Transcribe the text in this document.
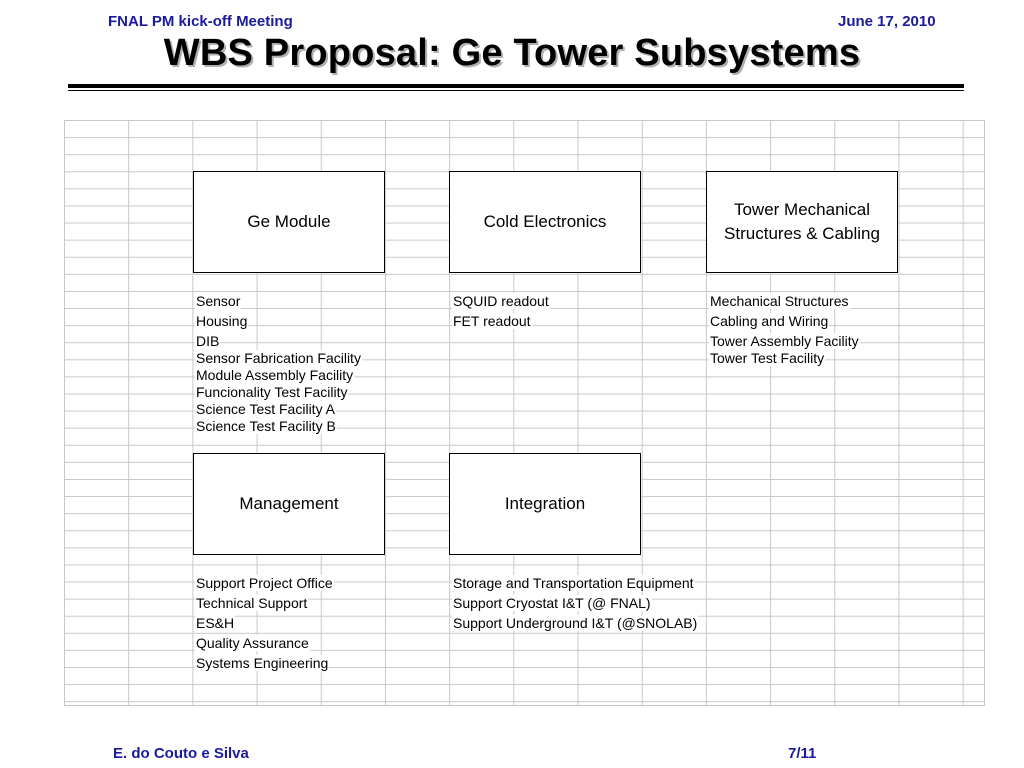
FNAL PM kick-off Meeting	June 17, 2010
WBS Proposal: Ge Tower Subsystems
Ge Module	Cold Electronics
Tower Mechanical
Structures & Cabling
Management	Integration
Sensor
Housing
DIB
Sensor Fabrication Facility
Module Assembly Facility
Funcionality Test Facility
Science Test Facility A
Science Test Facility B
SQUID readout
FET readout
Mechanical Structures
Cabling and Wiring
Tower Assembly Facility
Tower Test Facility
Support Project Office
Technical Support
ES&H
Quality Assurance
Systems Engineering
Storage and Transportation Equipment
Support Cryostat I&T (@ FNAL)
Support Underground I&T (@SNOLAB)
E. do Couto e Silva	7/11
